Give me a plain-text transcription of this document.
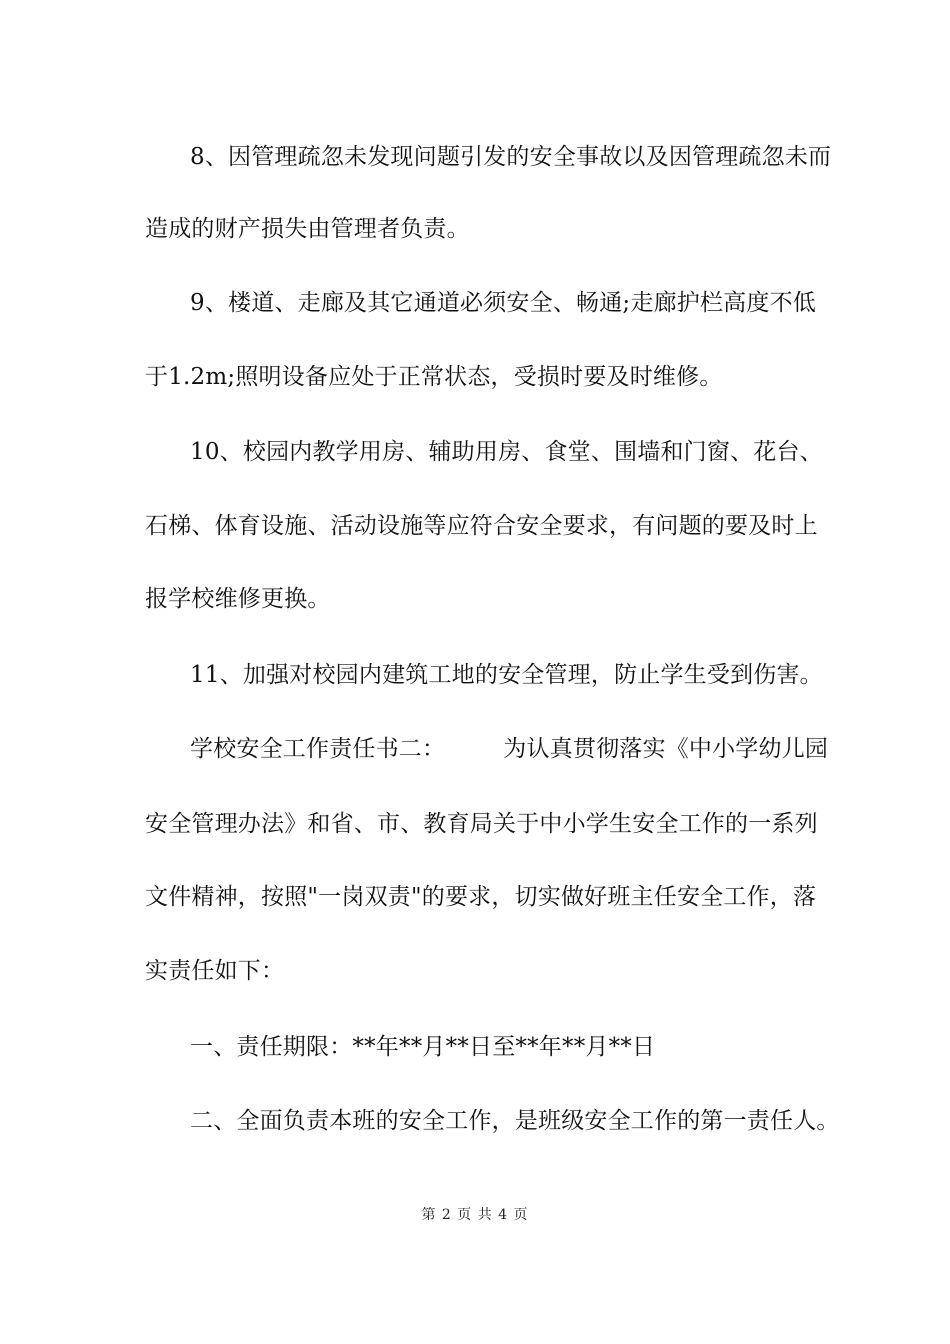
8、因管理疏忽未发现问题引发的安全事故以及因管理疏忽未而
造成的财产损失由管理者负责。
9、楼道、走廊及其它通道必须安全、畅通;走廊护栏高度不低
于1.2m;照明设备应处于正常状态，受损时要及时维修。
10、校园内教学用房、辅助用房、食堂、围墙和门窗、花台、
石梯、体育设施、活动设施等应符合安全要求，有问题的要及时上
报学校维修更换。
11、加强对校园内建筑工地的安全管理，防止学生受到伤害。
学校安全工作责任书二：　　　为认真贯彻落实《中小学幼儿园
安全管理办法》和省、市、教育局关于中小学生安全工作的一系列
文件精神，按照"一岗双责"的要求，切实做好班主任安全工作，落
实责任如下：
一、责任期限：**年**月**日至**年**月**日
二、全面负责本班的安全工作，是班级安全工作的第一责任人。
第 2 页 共 4 页
